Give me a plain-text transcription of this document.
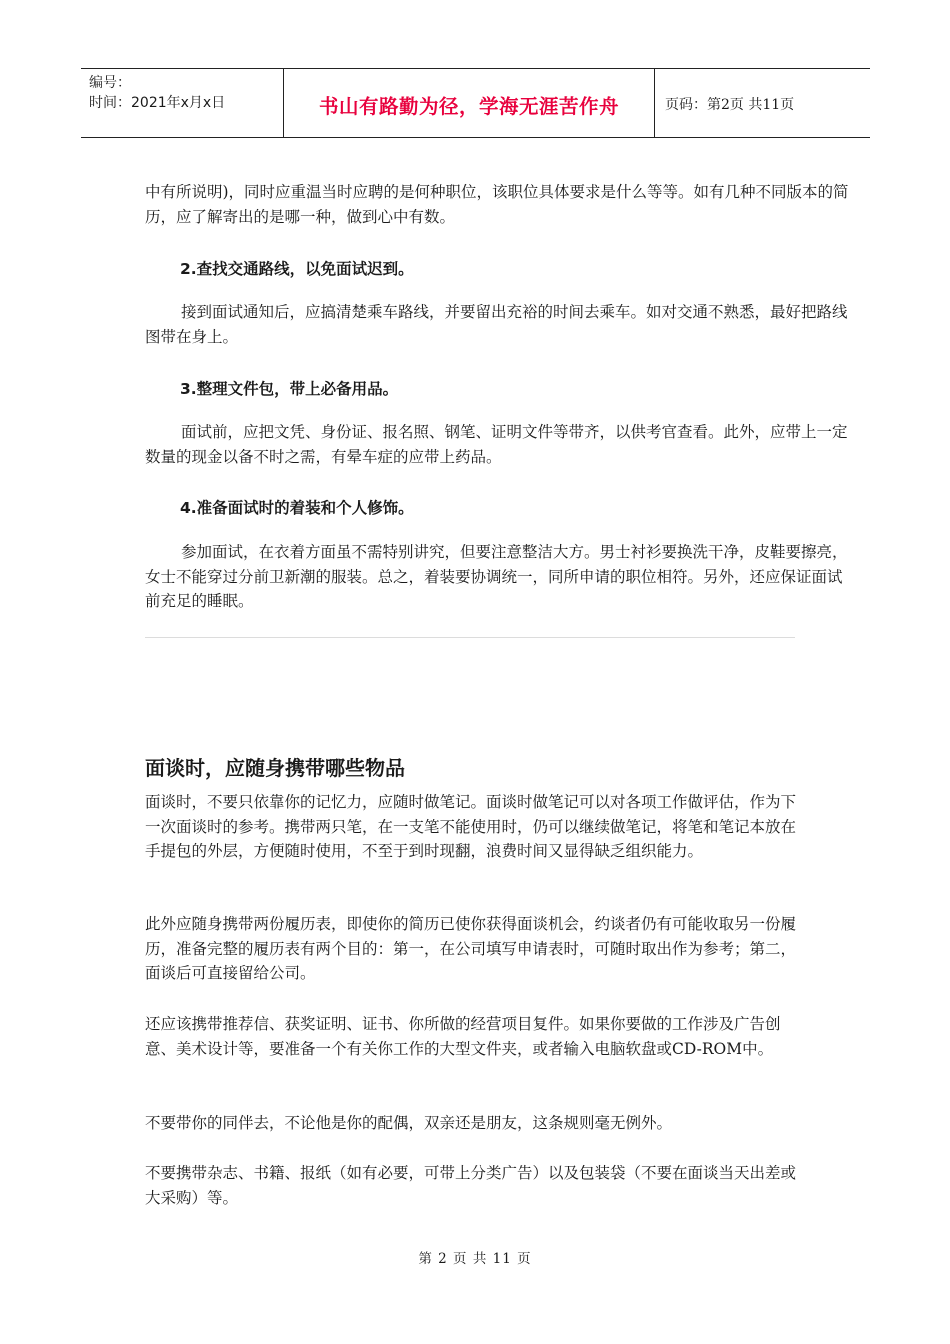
编号：
时间：2021年x月x日	书山有路勤为径，学海无涯苦作舟	页码：第2页 共11页

中有所说明)，同时应重温当时应聘的是何种职位，该职位具体要求是什么等等。如有几种不同版本的简历，应了解寄出的是哪一种，做到心中有数。

2.查找交通路线，以免面试迟到。

接到面试通知后，应搞清楚乘车路线，并要留出充裕的时间去乘车。如对交通不熟悉，最好把路线图带在身上。

3.整理文件包，带上必备用品。

面试前，应把文凭、身份证、报名照、钢笔、证明文件等带齐，以供考官查看。此外，应带上一定数量的现金以备不时之需，有晕车症的应带上药品。

4.准备面试时的着装和个人修饰。

参加面试，在衣着方面虽不需特别讲究，但要注意整洁大方。男士衬衫要换洗干净，皮鞋要擦亮，女士不能穿过分前卫新潮的服装。总之，着装要协调统一，同所申请的职位相符。另外，还应保证面试前充足的睡眠。

面谈时，应随身携带哪些物品

面谈时，不要只依靠你的记忆力，应随时做笔记。面谈时做笔记可以对各项工作做评估，作为下一次面谈时的参考。携带两只笔，在一支笔不能使用时，仍可以继续做笔记，将笔和笔记本放在手提包的外层，方便随时使用，不至于到时现翻，浪费时间又显得缺乏组织能力。

此外应随身携带两份履历表，即使你的简历已使你获得面谈机会，约谈者仍有可能收取另一份履历，准备完整的履历表有两个目的：第一，在公司填写申请表时，可随时取出作为参考；第二，面谈后可直接留给公司。

还应该携带推荐信、获奖证明、证书、你所做的经营项目复件。如果你要做的工作涉及广告创意、美术设计等，要准备一个有关你工作的大型文件夹，或者输入电脑软盘或CD-ROM中。

不要带你的同伴去，不论他是你的配偶，双亲还是朋友，这条规则毫无例外。

不要携带杂志、书籍、报纸（如有必要，可带上分类广告）以及包装袋（不要在面谈当天出差或大采购）等。

第 2 页 共 11 页
